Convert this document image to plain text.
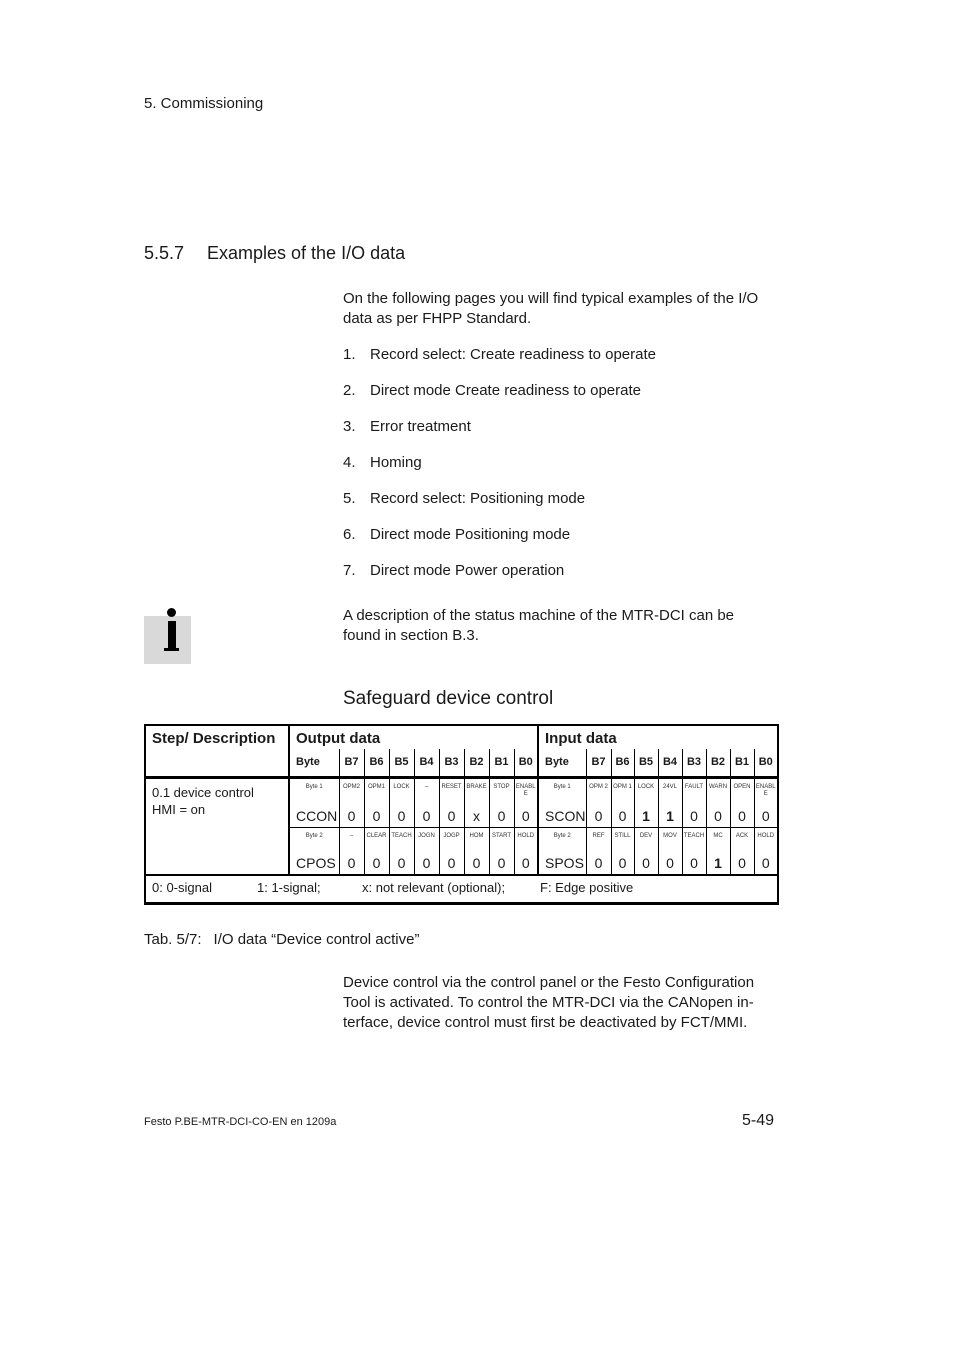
5. Commissioning
5.5.7 Examples of the I/O data
On the following pages you will find typical examples of the I/O data as per FHPP Standard.
1. Record select: Create readiness to operate
2. Direct mode Create readiness to operate
3. Error treatment
4. Homing
5. Record select: Positioning mode
6. Direct mode Positioning mode
7. Direct mode Power operation
A description of the status machine of the MTR-DCI can be found in section B.3.
Safeguard device control
Step/ Description	Output data									Input data								
	Byte	B7	B6	B5	B4	B3	B2	B1	B0	Byte	B7	B6	B5	B4	B3	B2	B1	B0

0.1 device control
HMI = on	Byte 1	OPM2	OPM1	LOCK	–	RESET	BRAKE	STOP	ENABL E	Byte 1	OPM 2	OPM 1	LOCK	24VL	FAULT	WARN	OPEN	ENABL E
	CCON	0	0	0	0	0	x	0	0	SCON	0	0	1	1	0	0	0	0
	Byte 2	–	CLEAR	TEACH	JOGN	JOGP	HOM	START	HOLD	Byte 2	REF	STILL	DEV	MOV	TEACH	MC	ACK	HOLD
	CPOS	0	0	0	0	0	0	0	0	SPOS	0	0	0	0	0	1	0	0
0: 0-signal 1: 1-signal; x: not relevant (optional); F: Edge positive																		
Tab. 5/7: I/O data “Device control active”
Device control via the control panel or the Festo Configuration Tool is activated. To control the MTR-DCI via the CANopen in-terface, device control must first be deactivated by FCT/MMI.
Festo P.BE-MTR-DCI-CO-EN en 1209a	5-49
